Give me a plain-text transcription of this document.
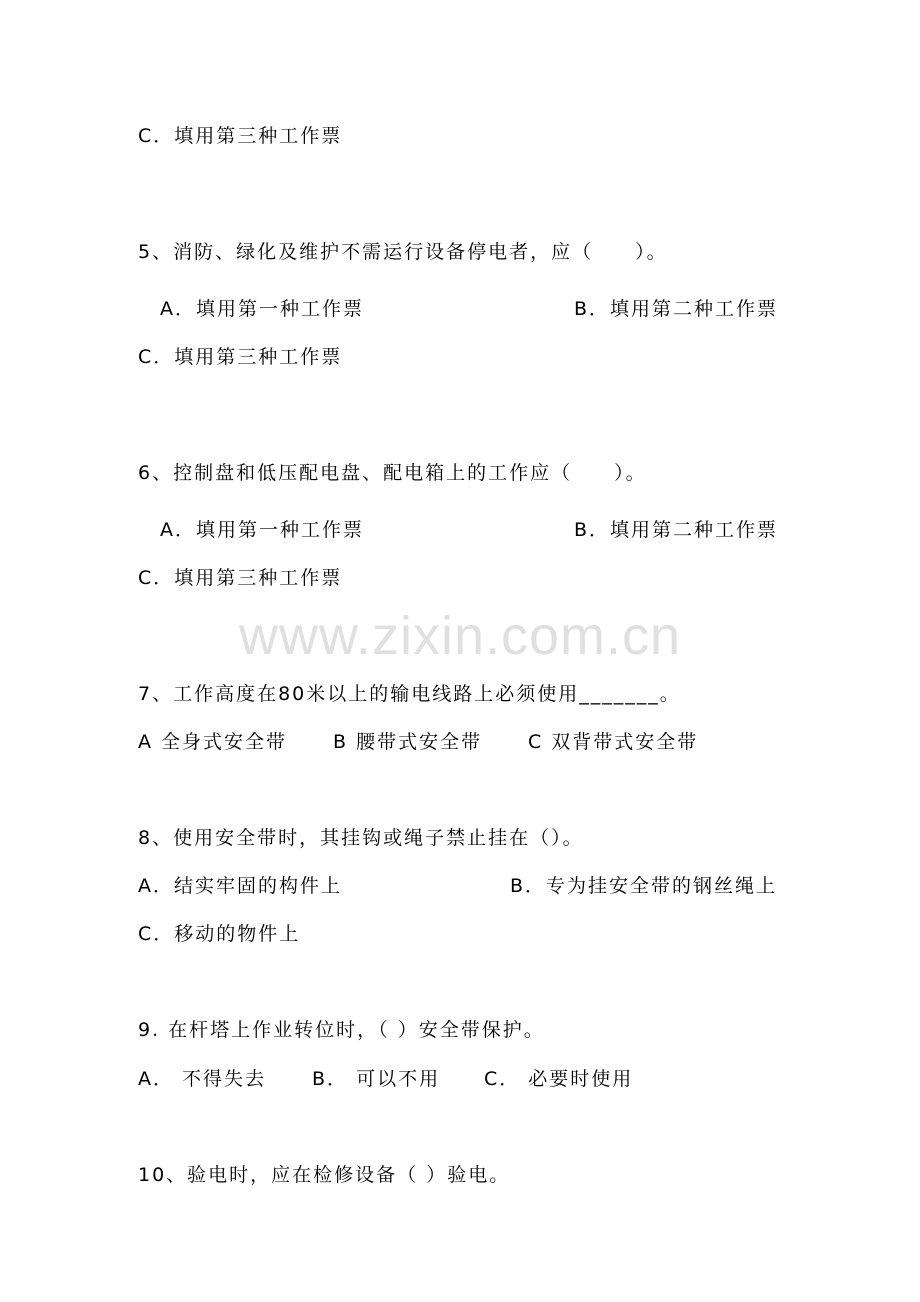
www.zixin.com.cn
C．填用第三种工作票
5、消防、绿化及维护不需运行设备停电者，应（　　）。
A．填用第一种工作票	B．填用第二种工作票
C．填用第三种工作票
6、控制盘和低压配电盘、配电箱上的工作应（　　）。
A．填用第一种工作票	B．填用第二种工作票
C．填用第三种工作票
7、工作高度在80米以上的输电线路上必须使用_______。
A 全身式安全带 B 腰带式安全带 C 双背带式安全带
8、使用安全带时，其挂钩或绳子禁止挂在（）。
A．结实牢固的构件上	B．专为挂安全带的钢丝绳上
C．移动的物件上
9. 在杆塔上作业转位时，（ ）安全带保护。
A． 不得失去 B． 可以不用 C． 必要时使用
10、验电时，应在检修设备（ ）验电。
